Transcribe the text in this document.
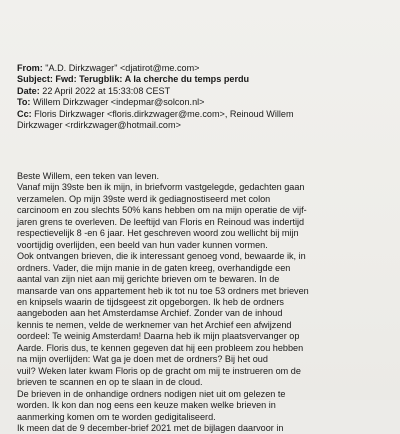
From: "A.D. Dirkzwager" <djatirot@me.com>
Subject: Fwd: Terugblik: A la cherche du temps perdu
Date: 22 April 2022 at 15:33:08 CEST
To: Willem Dirkzwager <indepmar@solcon.nl>
Cc: Floris Dirkzwager <floris.dirkzwager@me.com>, Reinoud Willem
Dirkzwager <rdirkzwager@hotmail.com>
Beste Willem, een teken van leven.
Vanaf mijn 39ste ben ik mijn, in briefvorm vastgelegde, gedachten gaan
verzamelen. Op mijn 39ste werd ik gediagnostiseerd met colon
carcinoom en zou slechts 50% kans hebben om na mijn operatie de vijf-
jaren grens te overleven. De leeftijd van Floris en Reinoud was indertijd
respectievelijk 8 -en 6 jaar. Het geschreven woord zou wellicht bij mijn
voortijdig overlijden, een beeld van hun vader kunnen vormen.
Ook ontvangen brieven, die ik interessant genoeg vond, bewaarde ik, in
ordners. Vader, die mijn manie in de gaten kreeg, overhandigde een
aantal van zijn niet aan mij gerichte brieven om te bewaren. In de
mansarde van ons appartement heb ik tot nu toe 53 ordners met brieven
en knipsels waarin de tijdsgeest zit opgeborgen. Ik heb de ordners
aangeboden aan het Amsterdamse Archief. Zonder van de inhoud
kennis te nemen, velde de werknemer van het Archief een afwijzend
oordeel: Te weinig Amsterdam! Daarna heb ik mijn plaatsvervanger op
Aarde. Floris dus, te kennen gegeven dat hij een probleem zou hebben
na mijn overlijden: Wat ga je doen met de ordners? Bij het oud
vuil? Weken later kwam Floris op de gracht om mij te instrueren om de
brieven te scannen en op te slaan in de cloud.
De brieven in de onhandige ordners nodigen niet uit om gelezen te
worden. Ik kon dan nog eens een keuze maken welke brieven in
aanmerking komen om te worden gedigitaliseerd.
Ik meen dat de 9 december-brief 2021 met de bijlagen daarvoor in
